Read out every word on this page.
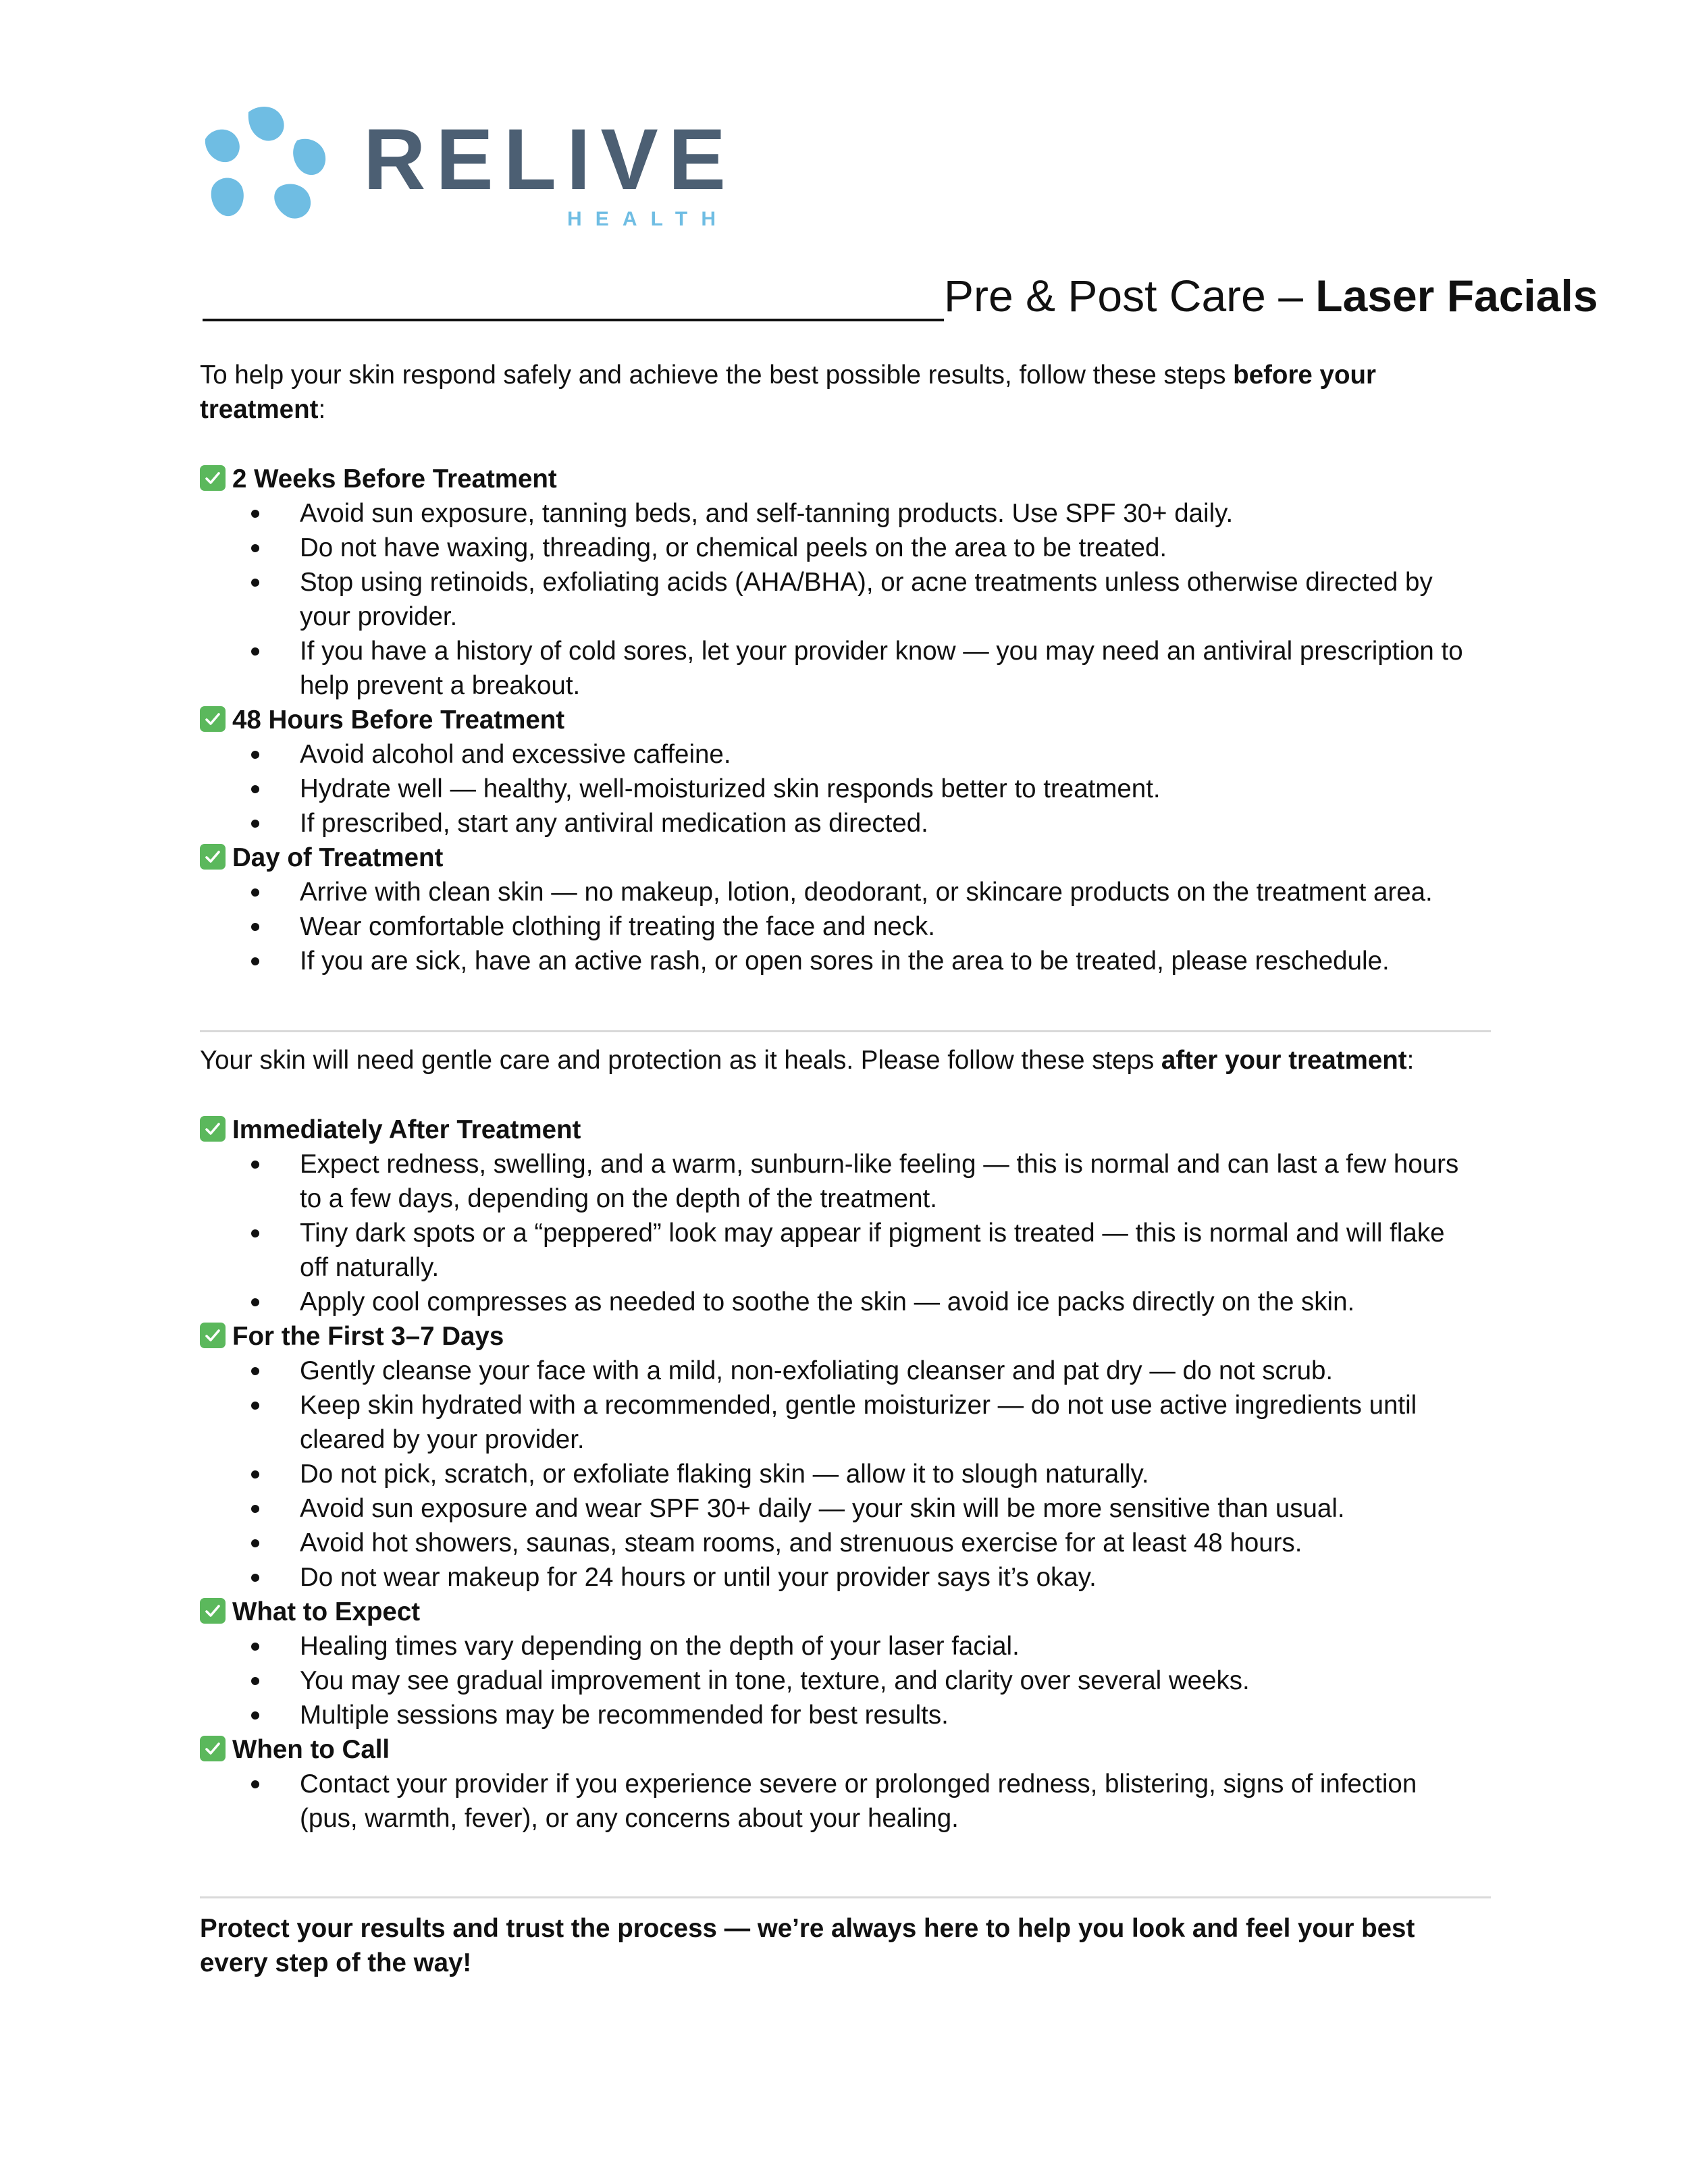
RELIVE
HEALTH
Pre & Post Care – Laser Facials

To help your skin respond safely and achieve the best possible results, follow these steps before your treatment:

2 Weeks Before Treatment
Avoid sun exposure, tanning beds, and self-tanning products. Use SPF 30+ daily.
Do not have waxing, threading, or chemical peels on the area to be treated.
Stop using retinoids, exfoliating acids (AHA/BHA), or acne treatments unless otherwise directed by your provider.
If you have a history of cold sores, let your provider know — you may need an antiviral prescription to help prevent a breakout.
48 Hours Before Treatment
Avoid alcohol and excessive caffeine.
Hydrate well — healthy, well-moisturized skin responds better to treatment.
If prescribed, start any antiviral medication as directed.
Day of Treatment
Arrive with clean skin — no makeup, lotion, deodorant, or skincare products on the treatment area.
Wear comfortable clothing if treating the face and neck.
If you are sick, have an active rash, or open sores in the area to be treated, please reschedule.

Your skin will need gentle care and protection as it heals. Please follow these steps after your treatment:

Immediately After Treatment
Expect redness, swelling, and a warm, sunburn-like feeling — this is normal and can last a few hours to a few days, depending on the depth of the treatment.
Tiny dark spots or a “peppered” look may appear if pigment is treated — this is normal and will flake off naturally.
Apply cool compresses as needed to soothe the skin — avoid ice packs directly on the skin.
For the First 3–7 Days
Gently cleanse your face with a mild, non-exfoliating cleanser and pat dry — do not scrub.
Keep skin hydrated with a recommended, gentle moisturizer — do not use active ingredients until cleared by your provider.
Do not pick, scratch, or exfoliate flaking skin — allow it to slough naturally.
Avoid sun exposure and wear SPF 30+ daily — your skin will be more sensitive than usual.
Avoid hot showers, saunas, steam rooms, and strenuous exercise for at least 48 hours.
Do not wear makeup for 24 hours or until your provider says it’s okay.
What to Expect
Healing times vary depending on the depth of your laser facial.
You may see gradual improvement in tone, texture, and clarity over several weeks.
Multiple sessions may be recommended for best results.
When to Call
Contact your provider if you experience severe or prolonged redness, blistering, signs of infection (pus, warmth, fever), or any concerns about your healing.

Protect your results and trust the process — we’re always here to help you look and feel your best every step of the way!
